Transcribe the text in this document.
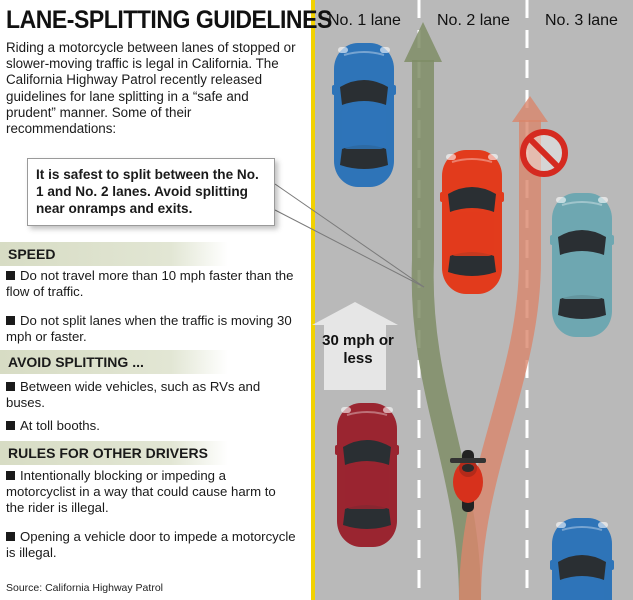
No. 1 lane No. 2 lane No. 3 lane
30 mph or less
LANE-SPLITTING GUIDELINES
Riding a motorcycle between lanes of stopped or slower-moving traffic is legal in California. The California Highway Patrol recently released guidelines for lane splitting in a “safe and prudent” manner. Some of their recommendations:
SPEED
Do not travel more than 10 mph faster than the flow of traffic.
Do not split lanes when the traffic is moving 30 mph or faster.
AVOID SPLITTING ...
Between wide vehicles, such as RVs and buses.
At toll booths.
RULES FOR OTHER DRIVERS
Intentionally blocking or impeding a motorcyclist in a way that could cause harm to the rider is illegal.
Opening a vehicle door to impede a motorcycle is illegal.
Source: California Highway Patrol
It is safest to split between the No. 1 and No. 2 lanes. Avoid splitting near onramps and exits.
